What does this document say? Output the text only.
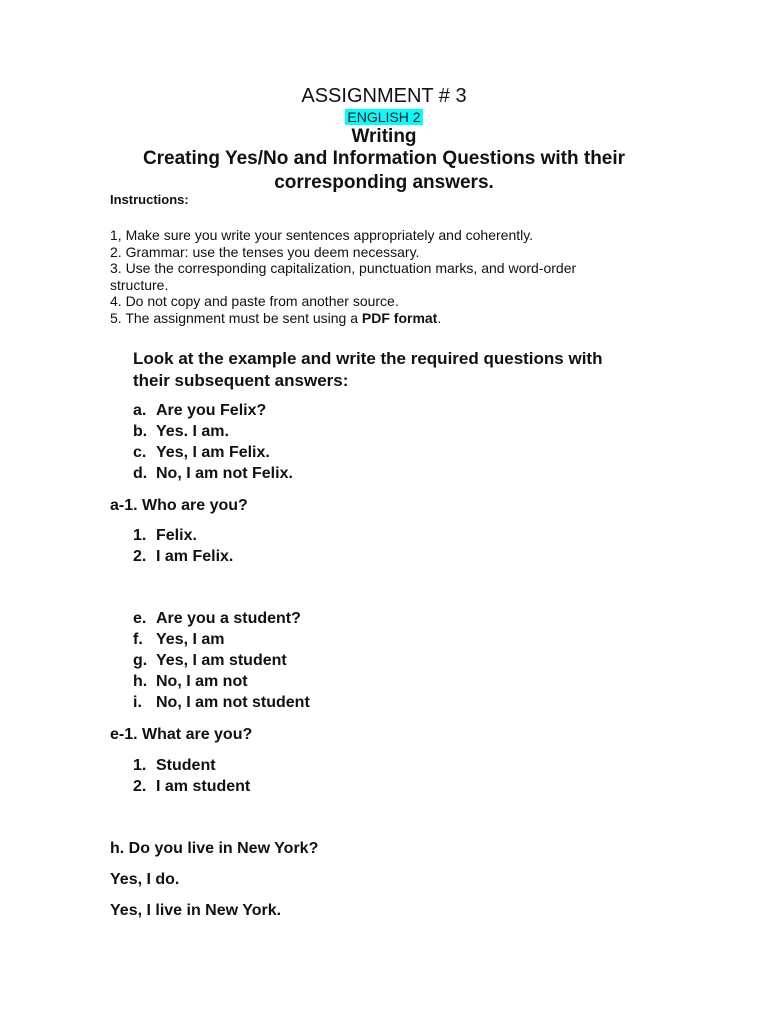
ASSIGNMENT # 3
ENGLISH 2
Writing
Creating Yes/No and Information Questions with their
corresponding answers.
Instructions:
1, Make sure you write your sentences appropriately and coherently.
2. Grammar: use the tenses you deem necessary.
3. Use the corresponding capitalization, punctuation marks, and word-order
structure.
4. Do not copy and paste from another source.
5. The assignment must be sent using a PDF format.
Look at the example and write the required questions with
their subsequent answers:
a. Are you Felix?
b. Yes. I am.
c. Yes, I am Felix.
d. No, I am not Felix.

a-1. Who are you?

1. Felix.
2. I am Felix.
e. Are you a student?
f. Yes, I am
g. Yes, I am student
h. No, I am not
i. No, I am not student

e-1. What are you?

1. Student
2. I am student

h. Do you live in New York?

Yes, I do.

Yes, I live in New York.
